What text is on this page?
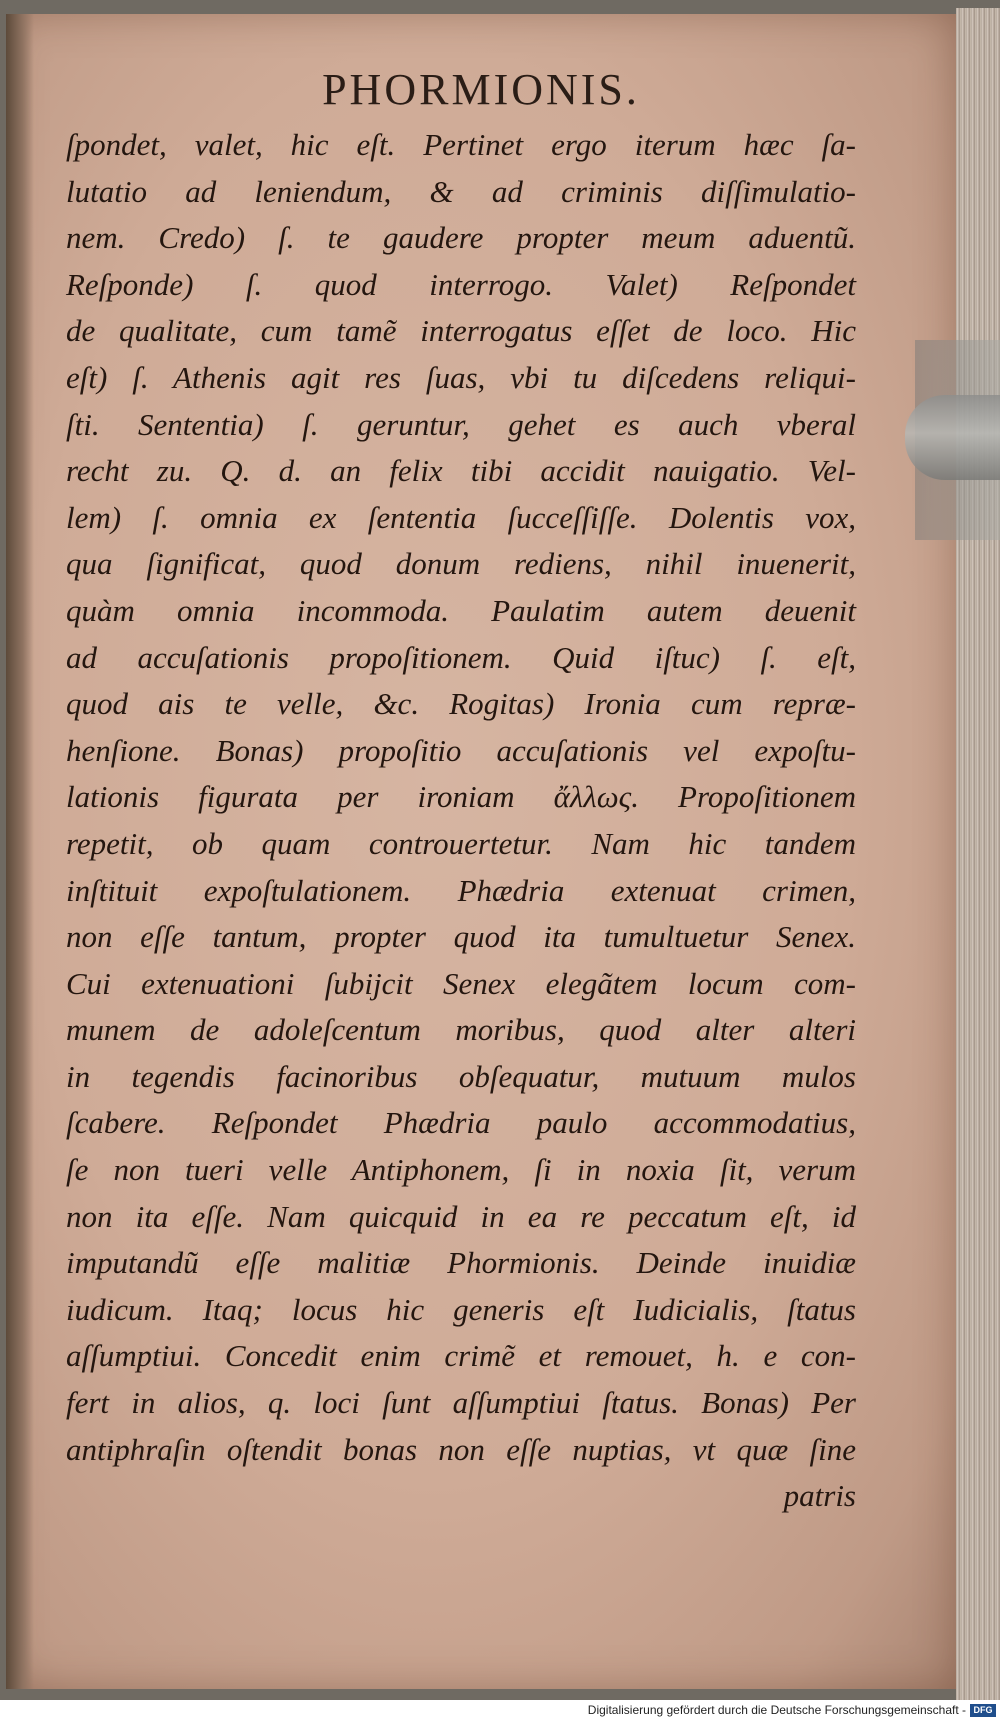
PHORMIONIS.
ſpondet, valet, hic eſt. Pertinet ergo iterum hæc ſa-
lutatio ad leniendum, & ad criminis diſſimulatio-
nem. Credo) ſ. te gaudere propter meum aduentũ.
Reſponde) ſ. quod interrogo. Valet) Reſpondet
de qualitate, cum tamẽ interrogatus eſſet de loco. Hic
eſt) ſ. Athenis agit res ſuas, vbi tu diſcedens reliqui-
ſti. Sententia) ſ. geruntur, gehet es auch vberal
recht zu. Q. d. an felix tibi accidit nauigatio. Vel-
lem) ſ. omnia ex ſententia ſucceſſiſſe. Dolentis vox,
qua ſignificat, quod donum rediens, nihil inuenerit,
quàm omnia incommoda. Paulatim autem deuenit
ad accuſationis propoſitionem. Quid iſtuc) ſ. eſt,
quod ais te velle, &c. Rogitas) Ironia cum repræ-
henſione. Bonas) propoſitio accuſationis vel expoſtu-
lationis figurata per ironiam ἄλλως. Propoſitionem
repetit, ob quam controuertetur. Nam hic tandem
inſtituit expoſtulationem. Phædria extenuat crimen,
non eſſe tantum, propter quod ita tumultuetur Senex.
Cui extenuationi ſubijcit Senex elegãtem locum com-
munem de adoleſcentum moribus, quod alter alteri
in tegendis facinoribus obſequatur, mutuum mulos
ſcabere. Reſpondet Phædria paulo accommodatius,
ſe non tueri velle Antiphonem, ſi in noxia ſit, verum
non ita eſſe. Nam quicquid in ea re peccatum eſt, id
imputandũ eſſe malitiæ Phormionis. Deinde inuidiæ
iudicum. Itaq; locus hic generis eſt Iudicialis, ſtatus
aſſumptiui. Concedit enim crimẽ et remouet, h. e con-
fert in alios, q. loci ſunt aſſumptiui ſtatus. Bonas) Per
antiphraſin oſtendit bonas non eſſe nuptias, vt quæ ſine
patris
Digitalisierung gefördert durch die Deutsche Forschungsgemeinschaft - DFG
